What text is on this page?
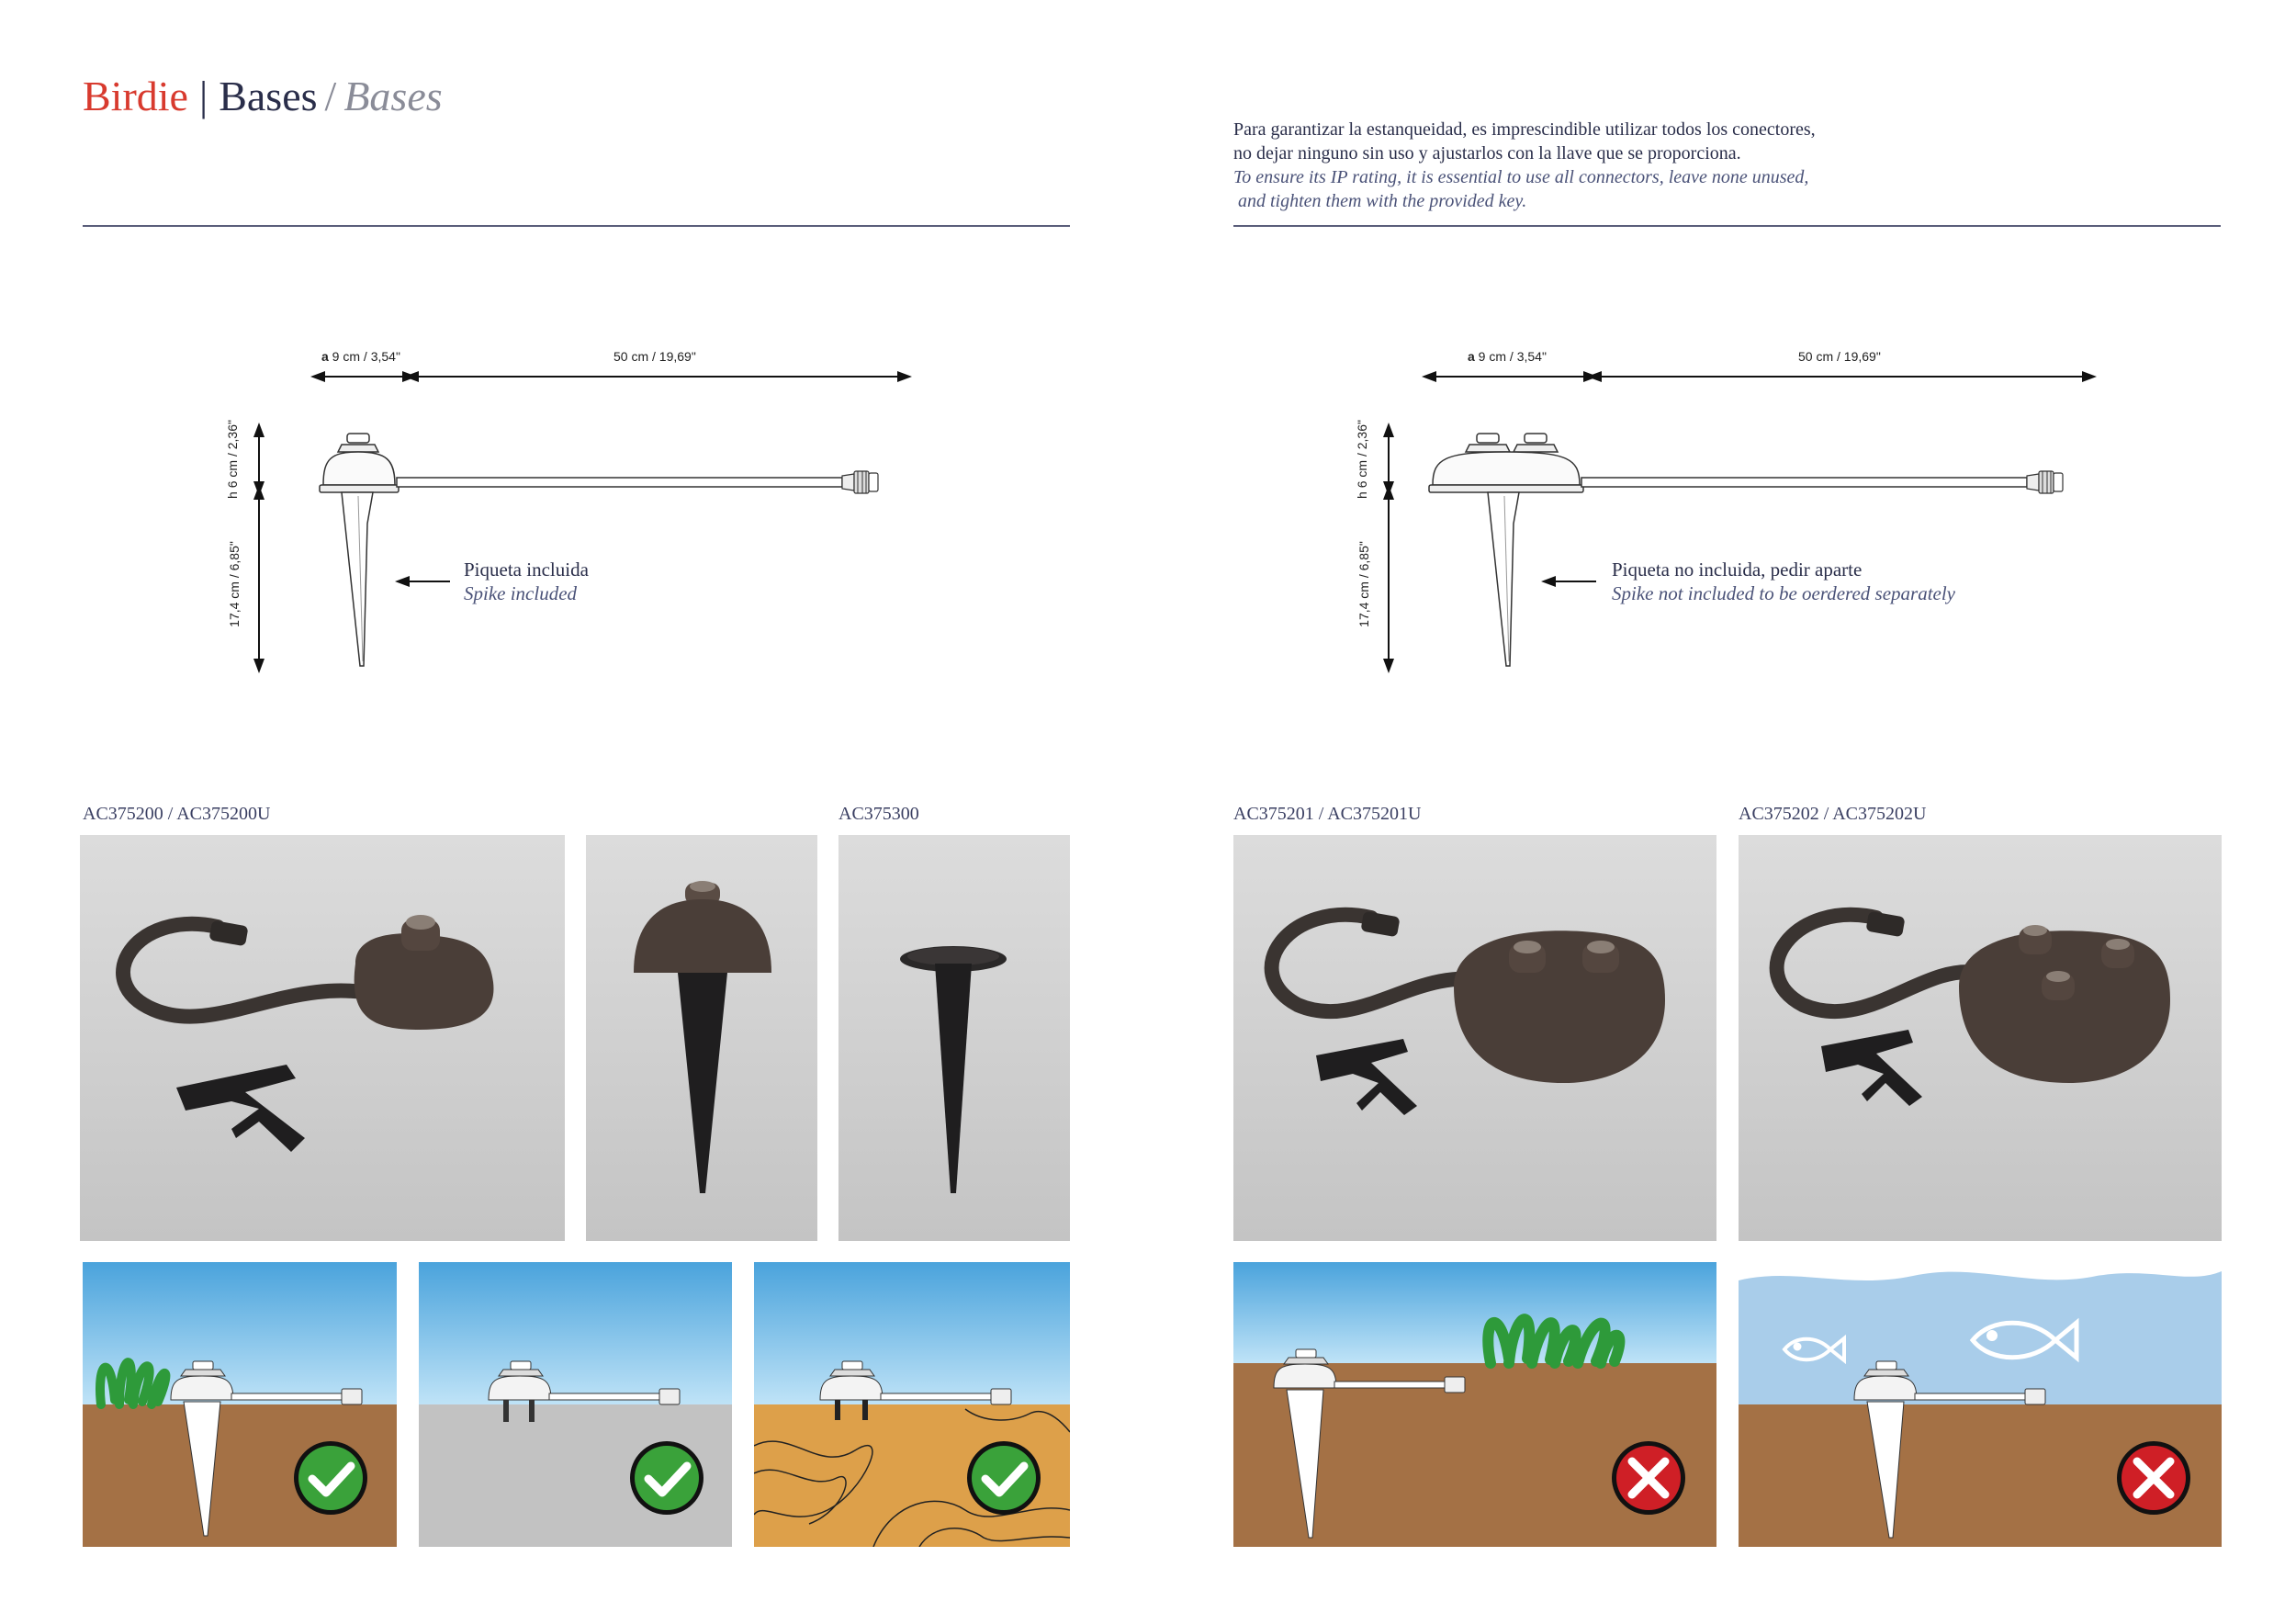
Birdie | Bases / Bases
Para garantizar la estanqueidad, es imprescindible utilizar todos los conectores,
no dejar ninguno sin uso y ajustarlos con la llave que se proporciona.
To ensure its IP rating, it is essential to use all connectors, leave none unused,
and tighten them with the provided key.
a 9 cm / 3,54"	50 cm / 19,69"
h 6 cm / 2,36"
17,4 cm / 6,85"	Piqueta incluida
Spike included
a 9 cm / 3,54"	50 cm / 19,69"
h 6 cm / 2,36"
17,4 cm / 6,85"	Piqueta no incluida, pedir aparte
Spike not included to be oerdered separately
AC375200 / AC375200U	AC375300	AC375201 / AC375201U	AC375202 / AC375202U
